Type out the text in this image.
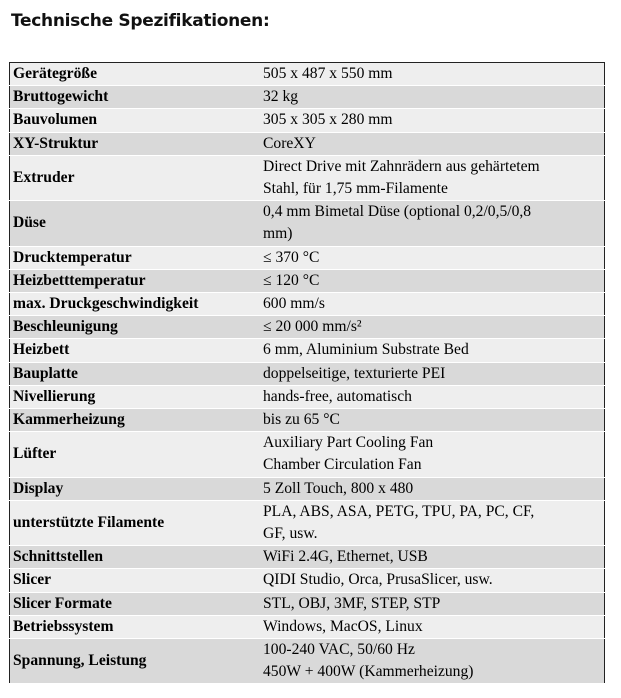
Technische Spezifikationen:
Gerätegröße	505 x 487 x 550 mm

Bruttogewicht	32 kg

Bauvolumen	305 x 305 x 280 mm

XY-Struktur	CoreXY

Extruder	Direct Drive mit Zahnrädern aus gehärtetem
Stahl, für 1,75 mm-Filamente

Düse	0,4 mm Bimetal Düse (optional 0,2/0,5/0,8
mm)

Drucktemperatur	≤ 370 °C

Heizbetttemperatur	≤ 120 °C

max. Druckgeschwindigkeit	600 mm/s

Beschleunigung	≤ 20 000 mm/s²

Heizbett	6 mm, Aluminium Substrate Bed

Bauplatte	doppelseitige, texturierte PEI

Nivellierung	hands-free, automatisch

Kammerheizung	bis zu 65 °C

Lüfter	Auxiliary Part Cooling Fan
Chamber Circulation Fan

Display	5 Zoll Touch, 800 x 480

unterstützte Filamente	PLA, ABS, ASA, PETG, TPU, PA, PC, CF,
GF, usw.

Schnittstellen	WiFi 2.4G, Ethernet, USB

Slicer	QIDI Studio, Orca, PrusaSlicer, usw.

Slicer Formate	STL, OBJ, 3MF, STEP, STP

Betriebssystem	Windows, MacOS, Linux

Spannung, Leistung	100-240 VAC, 50/60 Hz
450W + 400W (Kammerheizung)
